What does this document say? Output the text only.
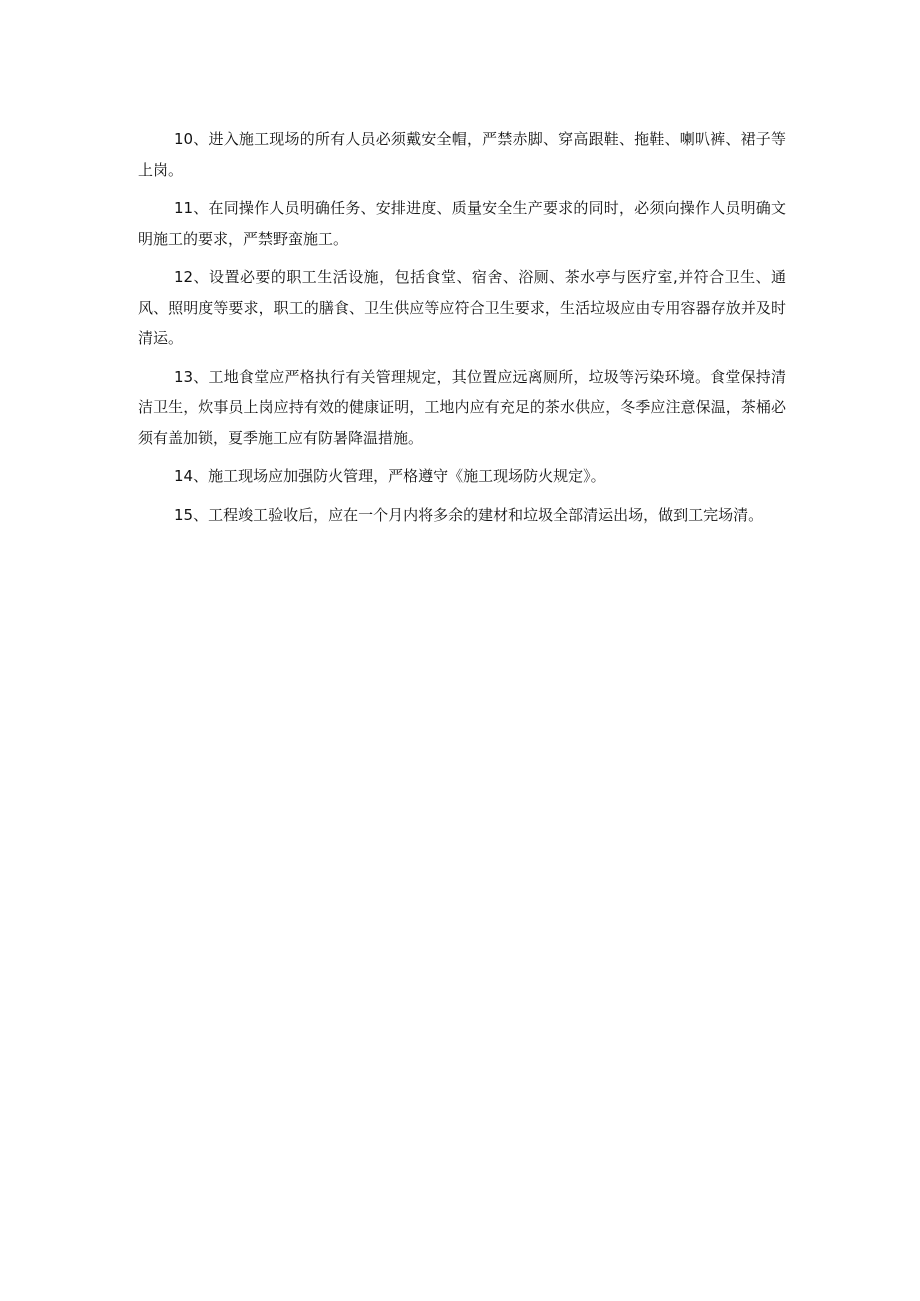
10、进入施工现场的所有人员必须戴安全帽，严禁赤脚、穿高跟鞋、拖鞋、喇叭裤、裙子等上岗。

11、在同操作人员明确任务、安排进度、质量安全生产要求的同时，必须向操作人员明确文明施工的要求，严禁野蛮施工。

12、设置必要的职工生活设施，包括食堂、宿舍、浴厕、茶水亭与医疗室,并符合卫生、通风、照明度等要求，职工的膳食、卫生供应等应符合卫生要求，生活垃圾应由专用容器存放并及时清运。

13、工地食堂应严格执行有关管理规定，其位置应远离厕所，垃圾等污染环境。食堂保持清洁卫生，炊事员上岗应持有效的健康证明，工地内应有充足的茶水供应，冬季应注意保温，茶桶必须有盖加锁，夏季施工应有防暑降温措施。

14、施工现场应加强防火管理，严格遵守《施工现场防火规定》。

15、工程竣工验收后，应在一个月内将多余的建材和垃圾全部清运出场，做到工完场清。
